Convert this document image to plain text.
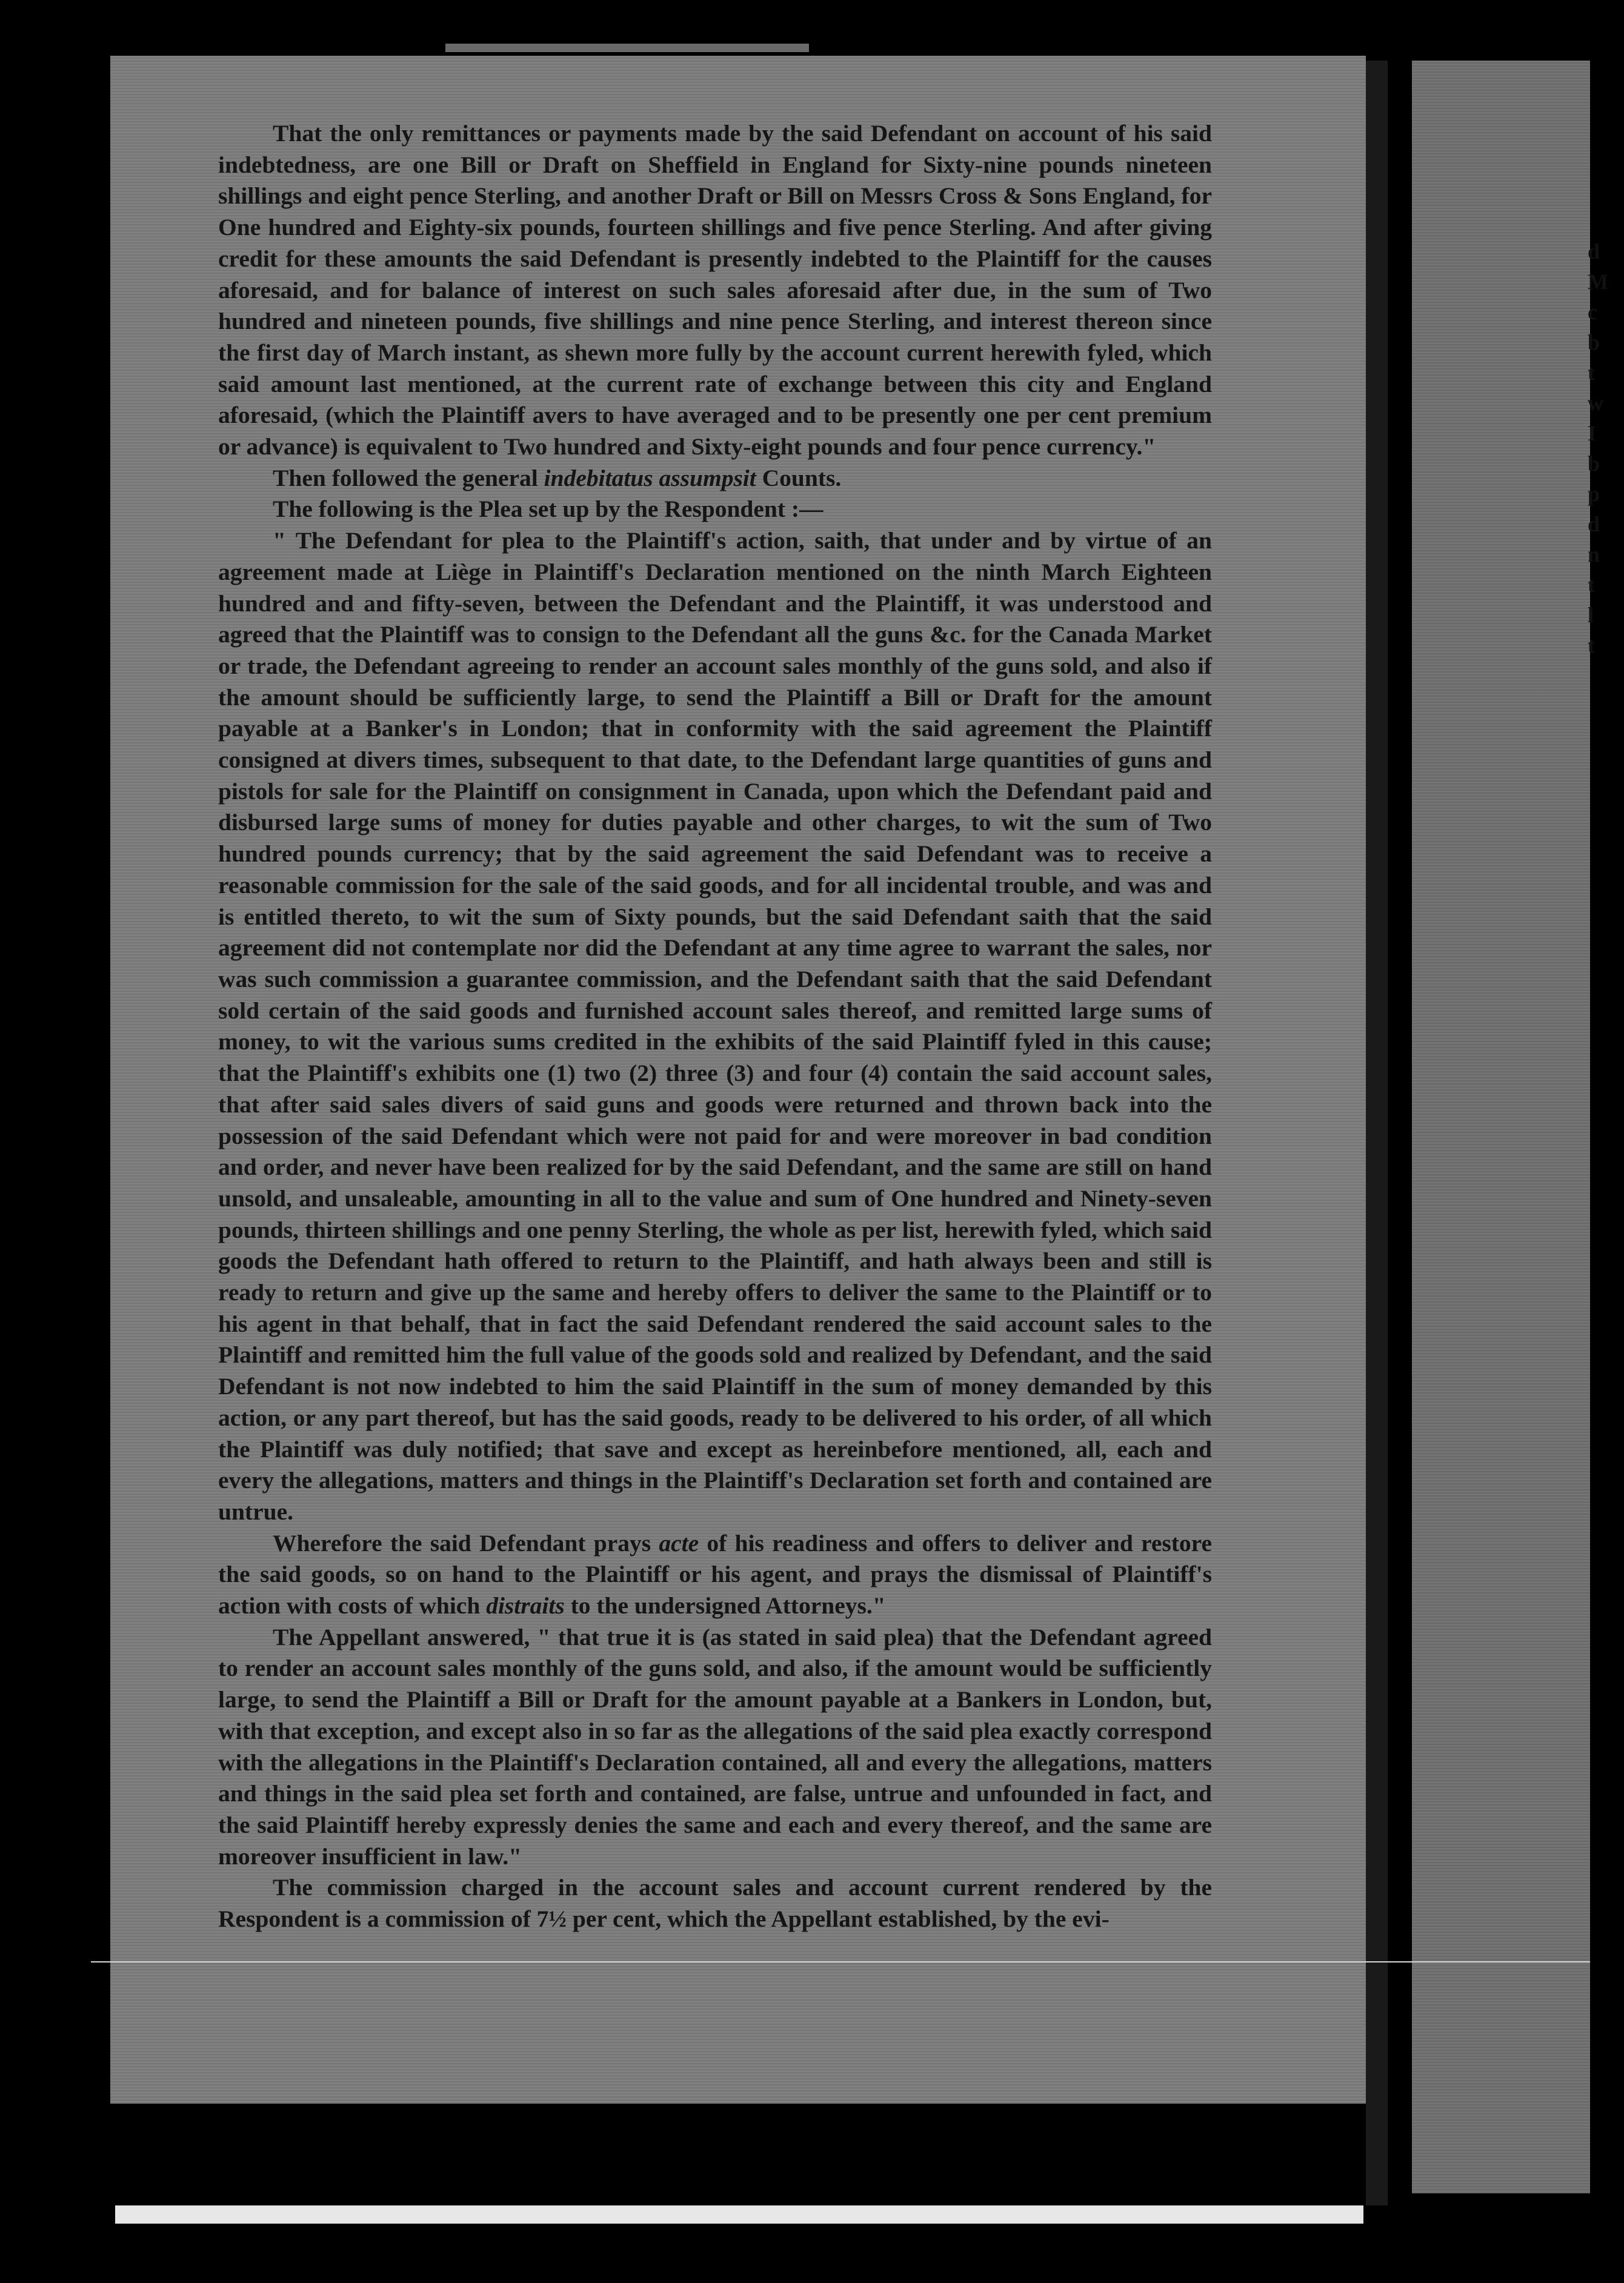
d
M
c
b
t
w
I
b
p
d
n
t
l
t

That the only remittances or payments made by the said Defendant on account of his said indebtedness, are one Bill or Draft on Sheffield in England for Sixty-nine pounds nineteen shillings and eight pence Sterling, and another Draft or Bill on Messrs Cross & Sons England, for One hundred and Eighty-six pounds, fourteen shillings and five pence Sterling. And after giving credit for these amounts the said Defendant is presently indebted to the Plaintiff for the causes aforesaid, and for balance of interest on such sales aforesaid after due, in the sum of Two hundred and nineteen pounds, five shillings and nine pence Sterling, and interest thereon since the first day of March instant, as shewn more fully by the account current herewith fyled, which said amount last mentioned, at the current rate of exchange between this city and England aforesaid, (which the Plaintiff avers to have averaged and to be presently one per cent premium or advance) is equivalent to Two hundred and Sixty-eight pounds and four pence currency."

Then followed the general indebitatus assumpsit Counts.

The following is the Plea set up by the Respondent :—

" The Defendant for plea to the Plaintiff's action, saith, that under and by virtue of an agreement made at Liège in Plaintiff's Declaration mentioned on the ninth March Eighteen hundred and and fifty-seven, between the Defendant and the Plaintiff, it was understood and agreed that the Plaintiff was to consign to the Defendant all the guns &c. for the Canada Market or trade, the Defendant agreeing to render an account sales monthly of the guns sold, and also if the amount should be sufficiently large, to send the Plaintiff a Bill or Draft for the amount payable at a Banker's in London; that in conformity with the said agreement the Plaintiff consigned at divers times, subsequent to that date, to the Defendant large quantities of guns and pistols for sale for the Plaintiff on consignment in Canada, upon which the Defendant paid and disbursed large sums of money for duties payable and other charges, to wit the sum of Two hundred pounds currency; that by the said agreement the said Defendant was to receive a reasonable commission for the sale of the said goods, and for all incidental trouble, and was and is entitled thereto, to wit the sum of Sixty pounds, but the said Defendant saith that the said agreement did not contemplate nor did the Defendant at any time agree to warrant the sales, nor was such commission a guarantee commission, and the Defendant saith that the said Defendant sold certain of the said goods and furnished account sales thereof, and remitted large sums of money, to wit the various sums credited in the exhibits of the said Plaintiff fyled in this cause; that the Plaintiff's exhibits one (1) two (2) three (3) and four (4) contain the said account sales, that after said sales divers of said guns and goods were returned and thrown back into the possession of the said Defendant which were not paid for and were moreover in bad condition and order, and never have been realized for by the said Defendant, and the same are still on hand unsold, and unsaleable, amounting in all to the value and sum of One hundred and Ninety-seven pounds, thirteen shillings and one penny Sterling, the whole as per list, herewith fyled, which said goods the Defendant hath offered to return to the Plaintiff, and hath always been and still is ready to return and give up the same and hereby offers to deliver the same to the Plaintiff or to his agent in that behalf, that in fact the said Defendant rendered the said account sales to the Plaintiff and remitted him the full value of the goods sold and realized by Defendant, and the said Defendant is not now indebted to him the said Plaintiff in the sum of money demanded by this action, or any part thereof, but has the said goods, ready to be delivered to his order, of all which the Plaintiff was duly notified; that save and except as hereinbefore mentioned, all, each and every the allegations, matters and things in the Plaintiff's Declaration set forth and contained are untrue.

Wherefore the said Defendant prays acte of his readiness and offers to deliver and restore the said goods, so on hand to the Plaintiff or his agent, and prays the dismissal of Plaintiff's action with costs of which distraits to the undersigned Attorneys."

The Appellant answered, " that true it is (as stated in said plea) that the Defendant agreed to render an account sales monthly of the guns sold, and also, if the amount would be sufficiently large, to send the Plaintiff a Bill or Draft for the amount payable at a Bankers in London, but, with that exception, and except also in so far as the allegations of the said plea exactly correspond with the allegations in the Plaintiff's Declaration contained, all and every the allegations, matters and things in the said plea set forth and contained, are false, untrue and unfounded in fact, and the said Plaintiff hereby expressly denies the same and each and every thereof, and the same are moreover insufficient in law."

The commission charged in the account sales and account current rendered by the Respondent is a commission of 7½ per cent, which the Appellant established, by the evi-
